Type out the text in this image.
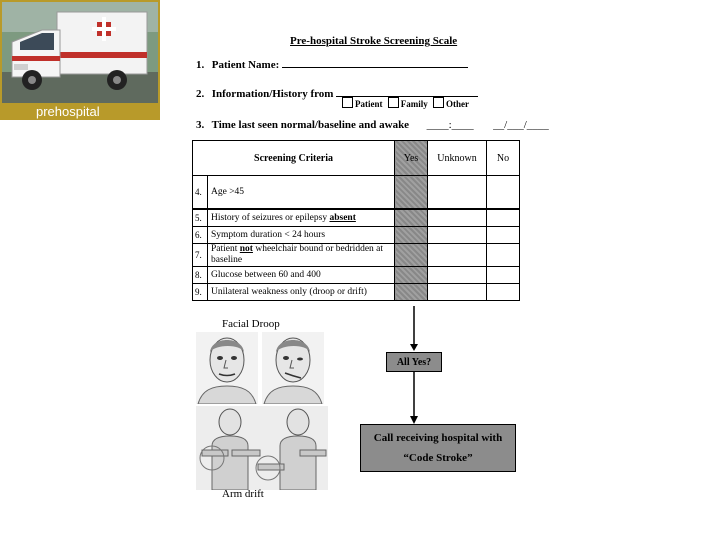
prehospital
Pre-hospital Stroke Screening Scale
1. Patient Name:
2. Information/History from
Patient Family Other
3. Time last seen normal/baseline and awake ____:____ __/___/____
Screening Criteria		Yes	Unknown	No
4.	Age >45			
5.	History of seizures or epilepsy absent			
6.	Symptom duration < 24 hours			
7.	Patient not wheelchair bound or bedridden at baseline			
8.	Glucose between 60 and 400			
9.	Unilateral weakness only (droop or drift)			
Facial Droop
Arm drift
All Yes?
Call receiving hospital with
“Code Stroke”
